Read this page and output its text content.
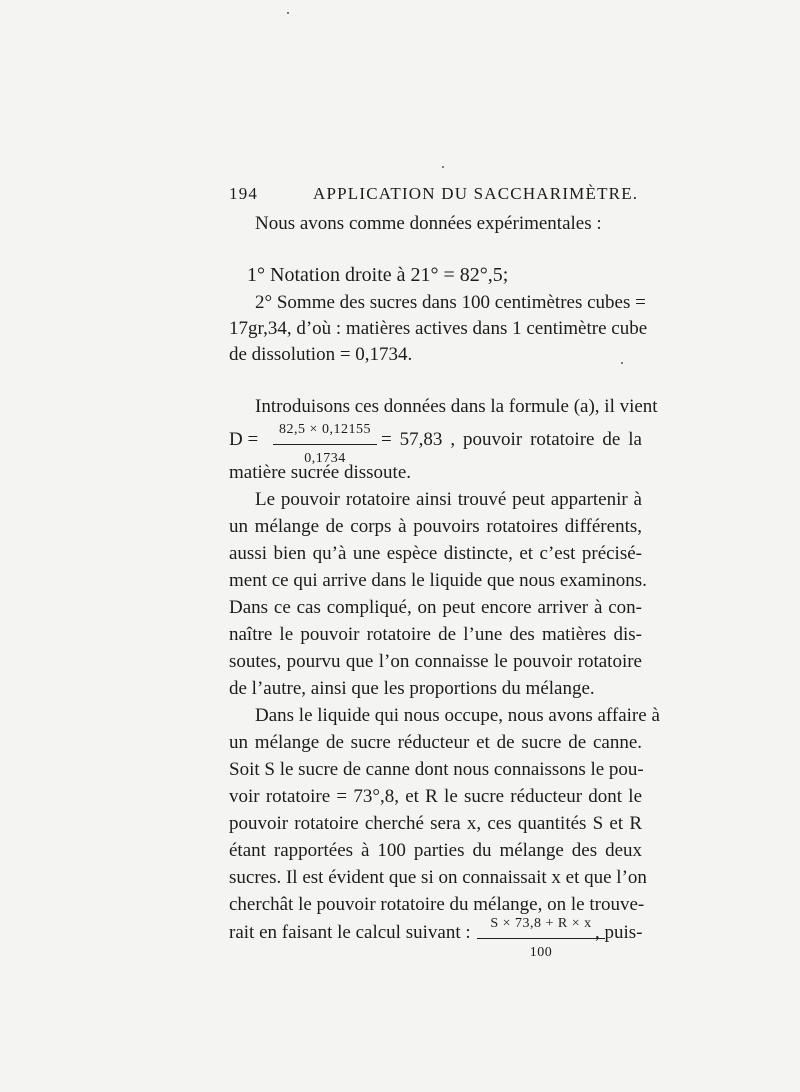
194	APPLICATION DU SACCHARIMÈTRE.
Nous avons comme données expérimentales :
1° Notation droite à 21° = 82°,5;
2° Somme des sucres dans 100 centimètres cubes =
17gr,34, d’où : matières actives dans 1 centimètre cube
de dissolution = 0,1734.
Introduisons ces données dans la formule (a), il vient
$D = \frac{82,5 \times 0,12155}{0,1734} = 57,83$ , pouvoir rotatoire de la
matière sucrée dissoute.
Le pouvoir rotatoire ainsi trouvé peut appartenir à
un mélange de corps à pouvoirs rotatoires différents,
aussi bien qu’à une espèce distincte, et c’est précisé-
ment ce qui arrive dans le liquide que nous examinons.
Dans ce cas compliqué, on peut encore arriver à con-
naître le pouvoir rotatoire de l’une des matières dis-
soutes, pourvu que l’on connaisse le pouvoir rotatoire
de l’autre, ainsi que les proportions du mélange.
Dans le liquide qui nous occupe, nous avons affaire à
un mélange de sucre réducteur et de sucre de canne.
Soit S le sucre de canne dont nous connaissons le pou-
voir rotatoire = 73°,8, et R le sucre réducteur dont le
pouvoir rotatoire cherché sera x, ces quantités S et R
étant rapportées à 100 parties du mélange des deux
sucres. Il est évident que si on connaissait x et que l’on
cherchât le pouvoir rotatoire du mélange, on le trouve-
rait en faisant le calcul suivant : $\frac{S \times 73,8 + R \times x}{100}$
, puis-
